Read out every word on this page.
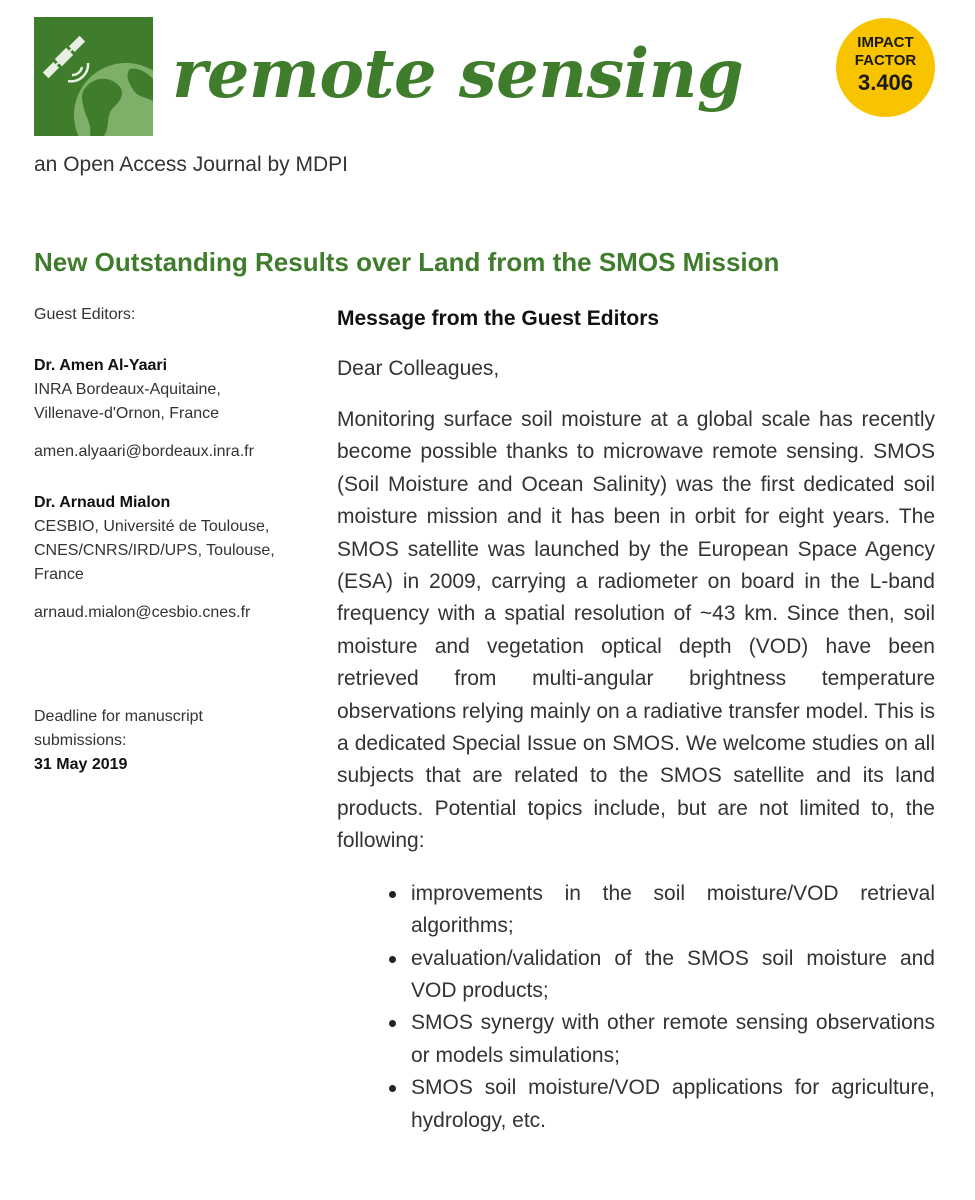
remote sensing
an Open Access Journal by MDPI
IMPACT
FACTOR
3.406
New Outstanding Results over Land from the SMOS Mission

Guest Editors:

Dr. Amen Al-Yaari

INRA Bordeaux-Aquitaine,

Villenave-d'Ornon, France

amen.alyaari@bordeaux.inra.fr

Dr. Arnaud Mialon

CESBIO, Université de Toulouse,

CNES/CNRS/IRD/UPS, Toulouse,

France

arnaud.mialon@cesbio.cnes.fr

Deadline for manuscript

submissions:

31 May 2019

Message from the Guest Editors

Dear Colleagues,

Monitoring surface soil moisture at a global scale has recently become possible thanks to microwave remote sensing. SMOS (Soil Moisture and Ocean Salinity) was the first dedicated soil moisture mission and it has been in orbit for eight years. The SMOS satellite was launched by the European Space Agency (ESA) in 2009, carrying a radiometer on board in the L-band frequency with a spatial resolution of ~43 km. Since then, soil moisture and vegetation optical depth (VOD) have been retrieved from multi-angular brightness temperature observations relying mainly on a radiative transfer model. This is a dedicated Special Issue on SMOS. We welcome studies on all subjects that are related to the SMOS satellite and its land products. Potential topics include, but are not limited to, the following:

improvements in the soil moisture/VOD retrieval algorithms;
evaluation/validation of the SMOS soil moisture and VOD products;
SMOS synergy with other remote sensing observations or models simulations;
SMOS soil moisture/VOD applications for agriculture, hydrology, etc.
